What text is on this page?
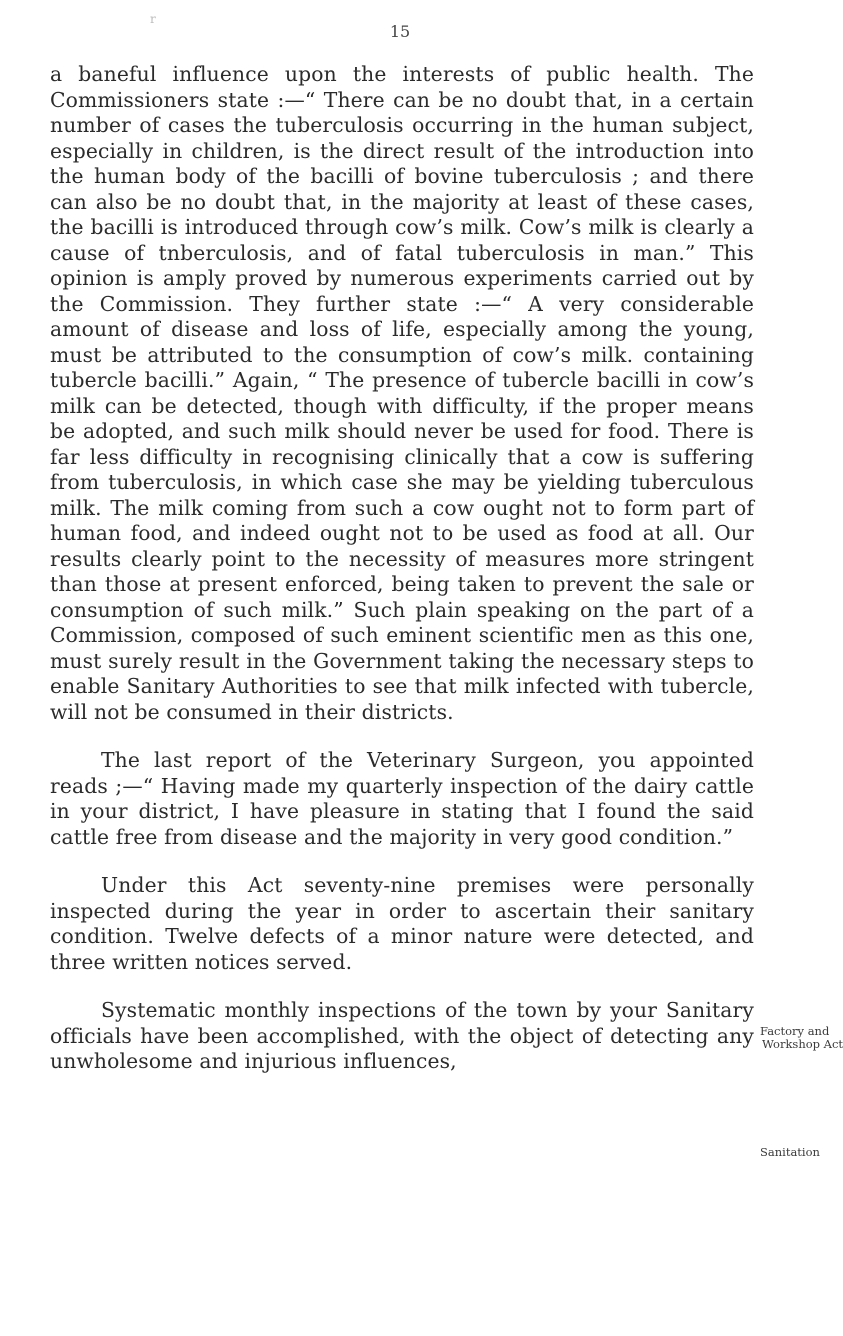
r
15

a baneful influence upon the interests of public health. The Commissioners state :—“ There can be no doubt that, in a certain number of cases the tuberculosis occurring in the human subject, especially in children, is the direct result of the introduction into the human body of the bacilli of bovine tuberculosis ; and there can also be no doubt that, in the majority at least of these cases, the bacilli is introduced through cow’s milk. Cow’s milk is clearly a cause of tnberculosis, and of fatal tuberculosis in man.” This opinion is amply proved by numerous experiments carried out by the Commission. They further state :—“ A very considerable amount of disease and loss of life, especially among the young, must be attributed to the consumption of cow’s milk. containing tubercle bacilli.” Again, “ The presence of tubercle bacilli in cow’s milk can be detected, though with difficulty, if the proper means be adopted, and such milk should never be used for food. There is far less difficulty in recognising clinically that a cow is suffering from tuberculosis, in which case she may be yielding tuberculous milk. The milk coming from such a cow ought not to form part of human food, and indeed ought not to be used as food at all. Our results clearly point to the necessity of measures more stringent than those at present enforced, being taken to prevent the sale or consumption of such milk.” Such plain speaking on the part of a Commission, composed of such eminent scientific men as this one, must surely result in the Government taking the necessary steps to enable Sanitary Authorities to see that milk infected with tubercle, will not be consumed in their districts.

The last report of the Veterinary Surgeon, you appointed reads ;—“ Having made my quarterly inspection of the dairy cattle in your district, I have pleasure in stating that I found the said cattle free from disease and the majority in very good condition.”

Under this Act seventy-nine premises were personally inspected during the year in order to ascertain their sanitary condition. Twelve defects of a minor nature were detected, and three written notices served.

Systematic monthly inspections of the town by your Sanitary officials have been accomplished, with the object of detecting any unwholesome and injurious influences,

Factory and
Workshop Act
Sanitation
